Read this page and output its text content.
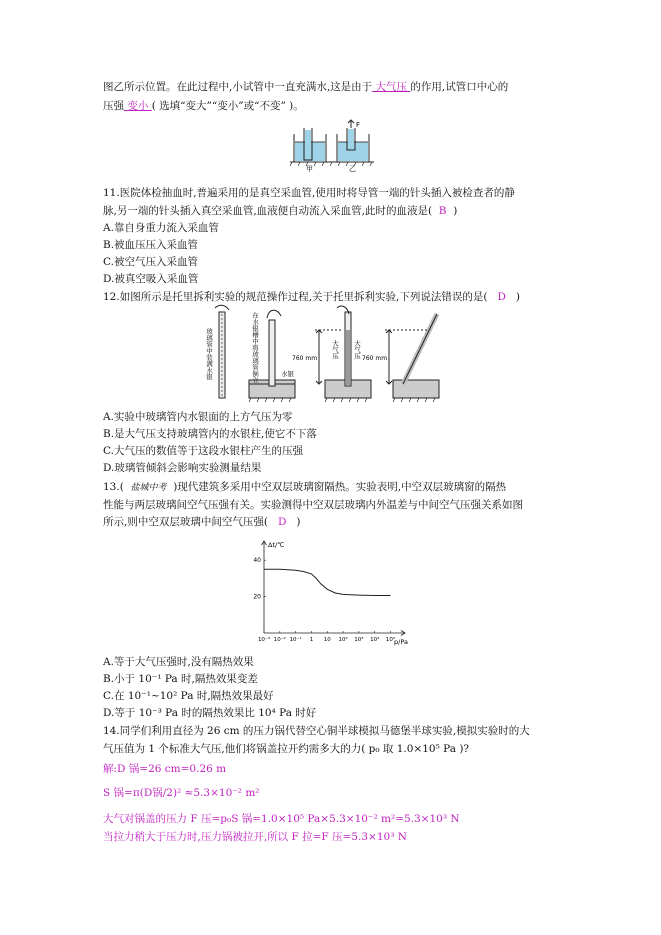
图乙所示位置。在此过程中,小试管中一直充满水,这是由于 大气压 的作用,试管口中心的
压强 变小 ( 选填“变大”“变小”或“不变” )。
F
甲	乙
11.医院体检抽血时,普遍采用的是真空采血管,使用时将导管一端的针头插入被检查者的静
脉,另一端的针头插入真空采血管,血液便自动流入采血管,此时的血液是( B )
A.靠自身重力流入采血管
B.被血压压入采血管
C.被空气压入采血管
D.被真空吸入采血管
12.如图所示是托里拆利实验的规范操作过程,关于托里拆利实验,下列说法错误的是( D )
玻璃管中装满水银	在水银槽中将玻璃管倒立	水银
760 mm	760 mm
大气压 大气压
A.实验中玻璃管内水银面的上方气压为零
B.是大气压支持玻璃管内的水银柱,使它不下落
C.大气压的数值等于这段水银柱产生的压强
D.玻璃管倾斜会影响实验测量结果
13.( 盐城中考 )现代建筑多采用中空双层玻璃窗隔热。实验表明,中空双层玻璃窗的隔热
性能与两层玻璃间空气压强有关。实验测得中空双层玻璃内外温差与中间空气压强关系如图
所示,则中空双层玻璃中间空气压强( D )
Δt/℃
p/Pa
10⁻³ 10⁻² 10⁻¹ 1 10 10² 10³ 10⁴ 10⁵
20
40
A.等于大气压强时,没有隔热效果
B.小于 10⁻¹ Pa 时,隔热效果变差
C.在 10⁻¹~10² Pa 时,隔热效果最好
D.等于 10⁻³ Pa 时的隔热效果比 10⁴ Pa 时好
14.同学们利用直径为 26 cm 的压力锅代替空心铜半球模拟马德堡半球实验,模拟实验时的大
气压值为 1 个标准大气压,他们将锅盖拉开约需多大的力( p₀ 取 1.0×10⁵ Pa )?
解:D 锅=26 cm=0.26 m
S 锅=π(D锅/2)² ≈5.3×10⁻² m²
大气对锅盖的压力 F 压=p₀S 锅=1.0×10⁵ Pa×5.3×10⁻² m²=5.3×10³ N
当拉力稍大于压力时,压力锅被拉开,所以 F 拉=F 压=5.3×10³ N
